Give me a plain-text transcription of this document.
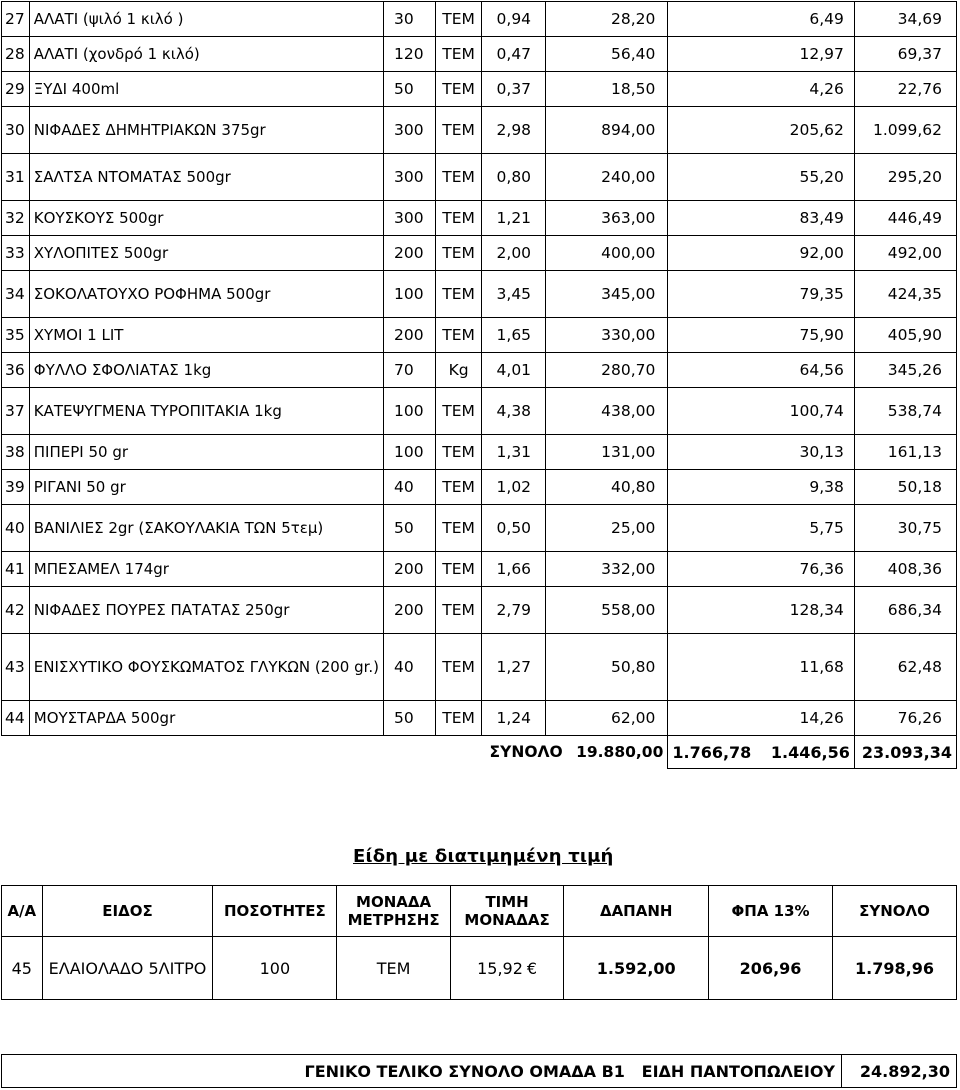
27	ΑΛΑΤΙ (ψιλό 1 κιλό )	30	ΤΕΜ	0,94	28,20	6,49	34,69
28	ΑΛΑΤΙ (χονδρό 1 κιλό)	120	ΤΕΜ	0,47	56,40	12,97	69,37
29	ΞΥΔΙ 400ml	50	ΤΕΜ	0,37	18,50	4,26	22,76
30	ΝΙΦΑΔΕΣ ΔΗΜΗΤΡΙΑΚΩΝ 375gr	300	ΤΕΜ	2,98	894,00	205,62	1.099,62
31	ΣΑΛΤΣΑ ΝΤΟΜΑΤΑΣ 500gr	300	ΤΕΜ	0,80	240,00	55,20	295,20
32	ΚΟΥΣΚΟΥΣ 500gr	300	ΤΕΜ	1,21	363,00	83,49	446,49
33	ΧΥΛΟΠΙΤΕΣ 500gr	200	ΤΕΜ	2,00	400,00	92,00	492,00
34	ΣΟΚΟΛΑΤΟΥΧΟ ΡΟΦΗΜΑ 500gr	100	ΤΕΜ	3,45	345,00	79,35	424,35
35	ΧΥΜΟΙ 1 LIT	200	ΤΕΜ	1,65	330,00	75,90	405,90
36	ΦΥΛΛΟ ΣΦΟΛΙΑΤΑΣ 1kg	70	Kg	4,01	280,70	64,56	345,26
37	ΚΑΤΕΨΥΓΜΕΝΑ ΤΥΡΟΠΙΤΑΚΙΑ 1kg	100	ΤΕΜ	4,38	438,00	100,74	538,74
38	ΠΙΠΕΡΙ 50 gr	100	ΤΕΜ	1,31	131,00	30,13	161,13
39	ΡΙΓΑΝΙ 50 gr	40	ΤΕΜ	1,02	40,80	9,38	50,18
40	ΒΑΝΙΛΙΕΣ 2gr (ΣΑΚΟΥΛΑΚΙΑ ΤΩΝ 5τεμ)	50	ΤΕΜ	0,50	25,00	5,75	30,75
41	ΜΠΕΣΑΜΕΛ 174gr	200	ΤΕΜ	1,66	332,00	76,36	408,36
42	ΝΙΦΑΔΕΣ ΠΟΥΡΕΣ ΠΑΤΑΤΑΣ 250gr	200	ΤΕΜ	2,79	558,00	128,34	686,34
43	ΕΝΙΣΧΥΤΙΚΟ ΦΟΥΣΚΩΜΑΤΟΣ ΓΛΥΚΩΝ (200 gr.)	40	ΤΕΜ	1,27	50,80	11,68	62,48
44	ΜΟΥΣΤΑΡΔΑ 500gr	50	ΤΕΜ	1,24	62,00	14,26	76,26
				ΣΥΝΟΛΟ 19.880,00		1.766,78 1.446,56	23.093,34
Είδη με διατιμημένη τιμή
Α/Α	ΕΙΔΟΣ	ΠΟΣΟΤΗΤΕΣ	ΜΟΝΑΔΑ ΜΕΤΡΗΣΗΣ	ΤΙΜΗ ΜΟΝΑΔΑΣ	ΔΑΠΑΝΗ	ΦΠΑ 13%	ΣΥΝΟΛΟ
45	ΕΛΑΙΟΛΑΔΟ 5ΛΙΤΡΟ	100	ΤΕΜ	15,92 €	1.592,00	206,96	1.798,96
ΓΕΝΙΚΟ ΤΕΛΙΚΟ ΣΥΝΟΛΟ ΟΜΑΔΑ Β1   ΕΙΔΗ ΠΑΝΤΟΠΩΛΕΙΟΥ	24.892,30
